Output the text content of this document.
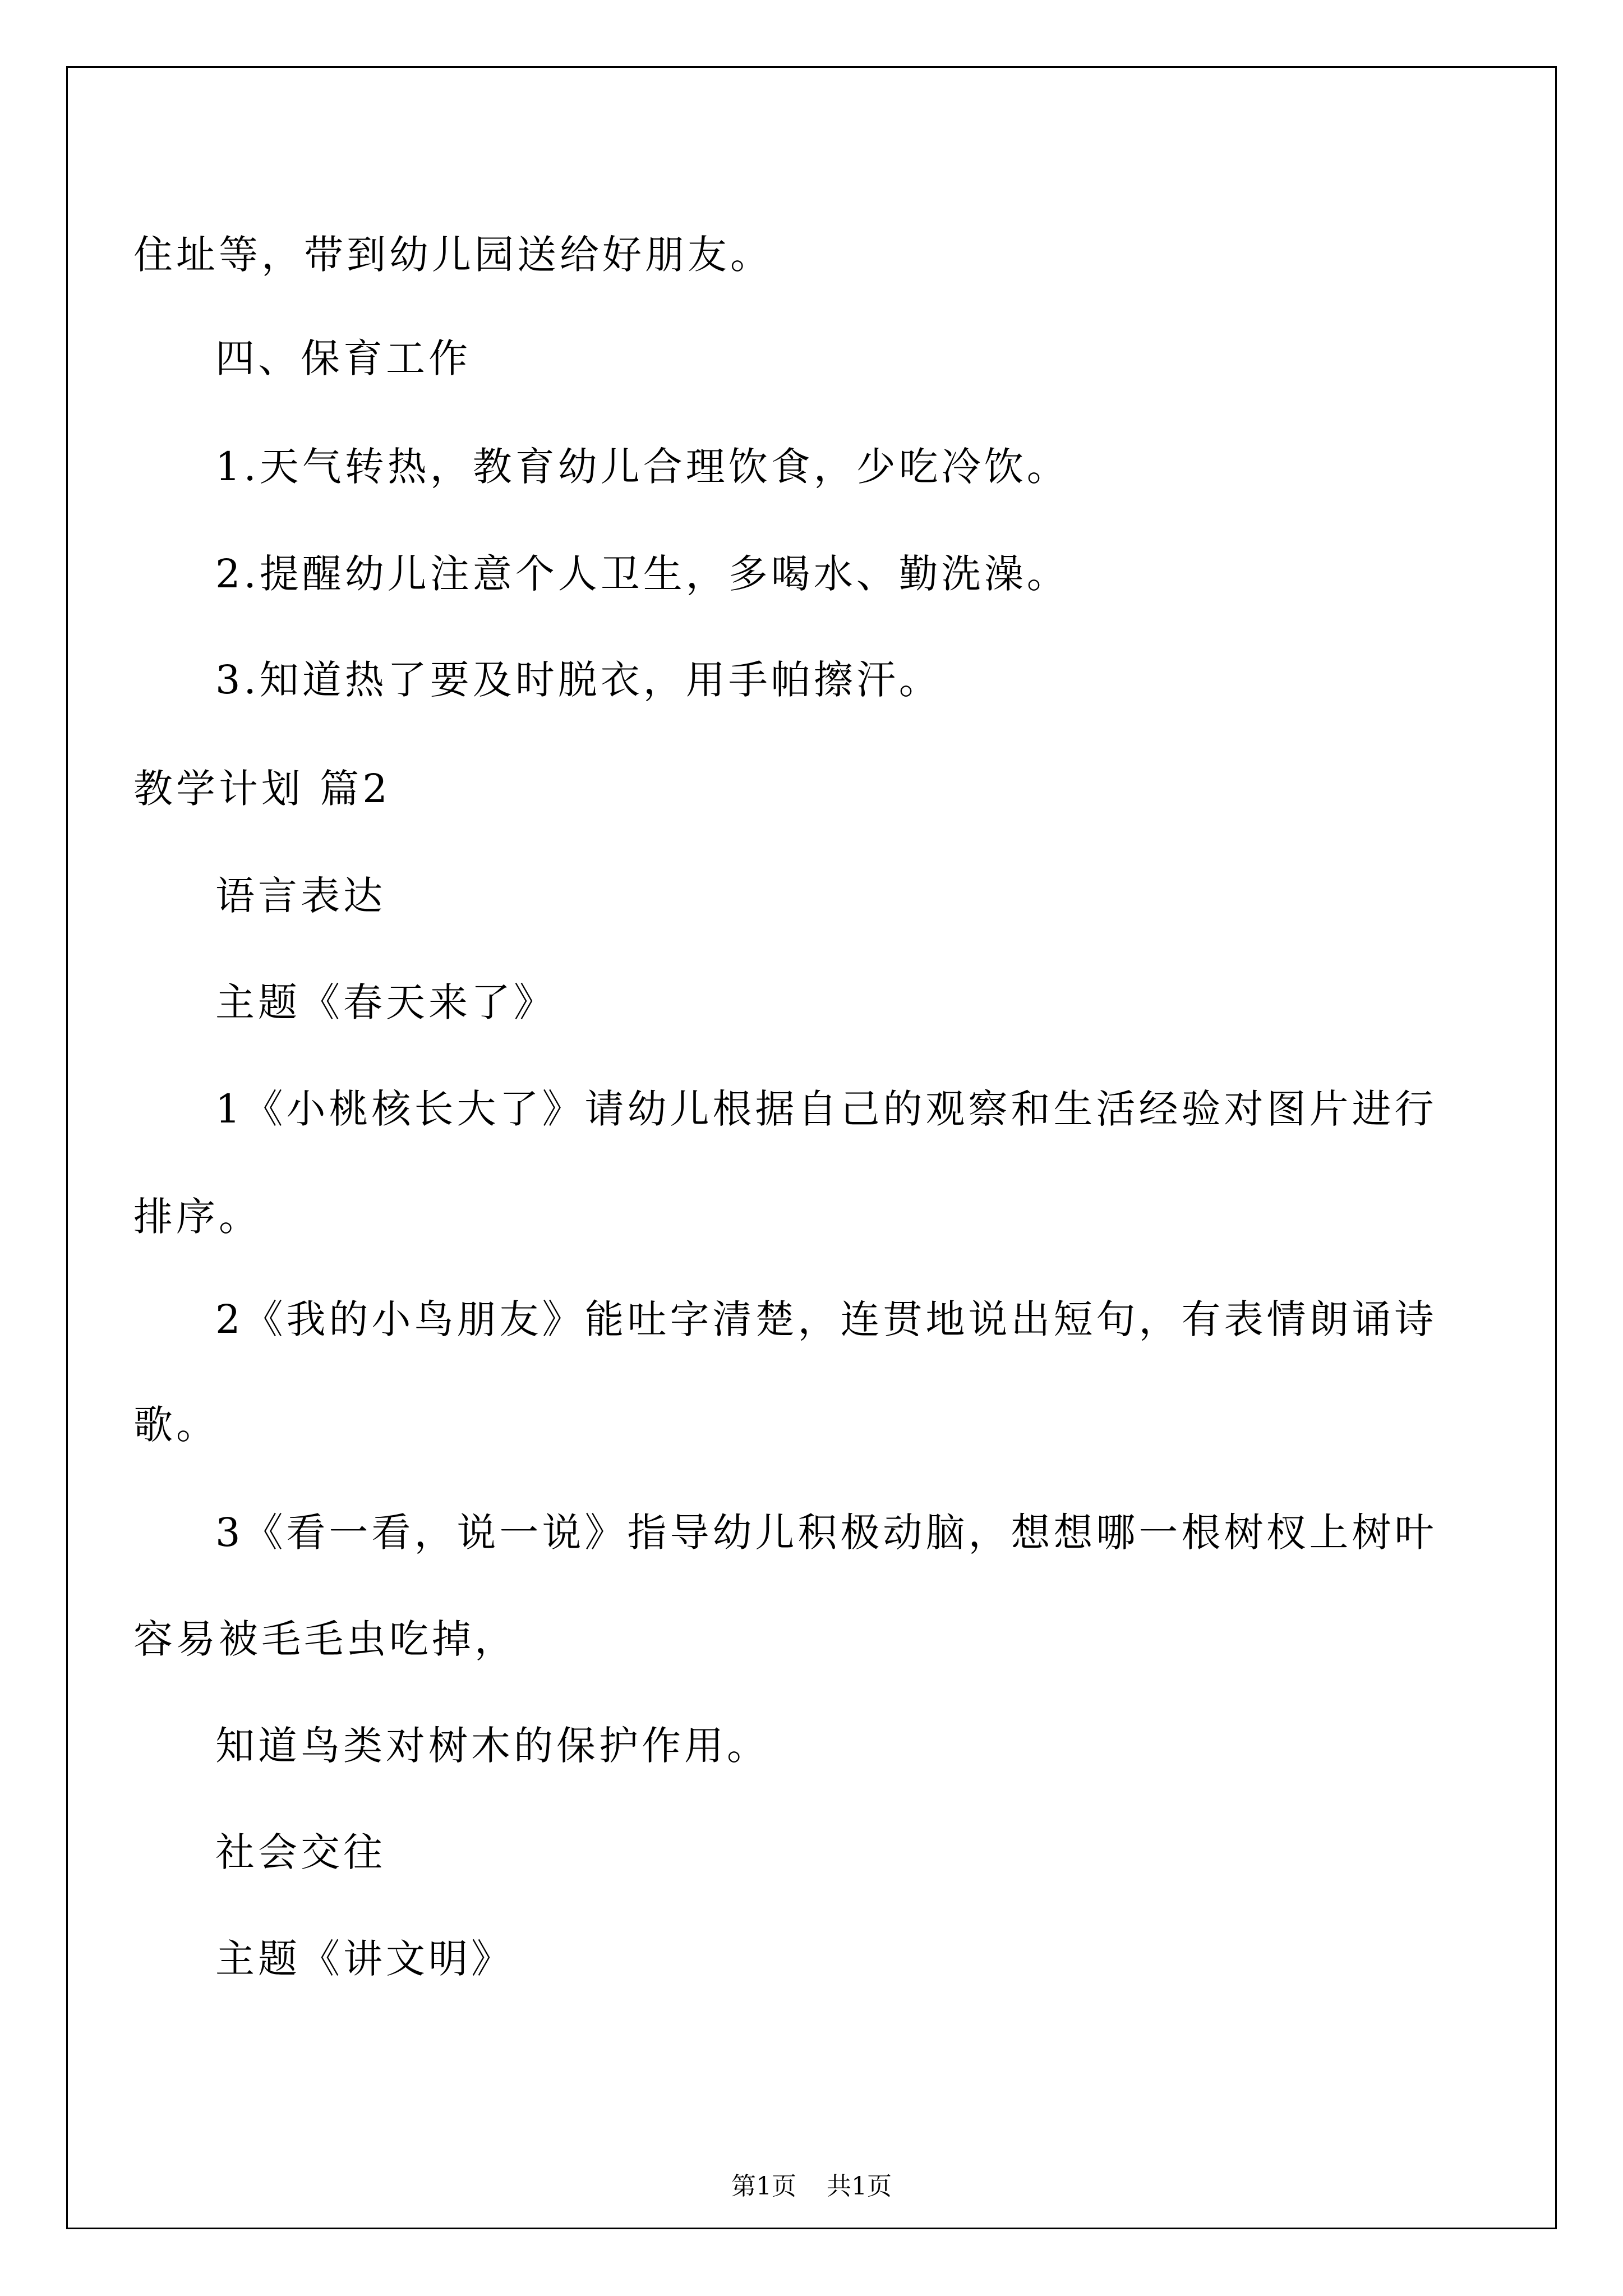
住址等，带到幼儿园送给好朋友。
四、保育工作
1.天气转热，教育幼儿合理饮食，少吃冷饮。
2.提醒幼儿注意个人卫生，多喝水、勤洗澡。
3.知道热了要及时脱衣，用手帕擦汗。
教学计划 篇2
语言表达
主题《春天来了》
1《小桃核长大了》请幼儿根据自己的观察和生活经验对图片进行
排序。
2《我的小鸟朋友》能吐字清楚，连贯地说出短句，有表情朗诵诗
歌。
3《看一看，说一说》指导幼儿积极动脑，想想哪一根树杈上树叶
容易被毛毛虫吃掉，
知道鸟类对树木的保护作用。
社会交往
主题《讲文明》
第1页 共1页
